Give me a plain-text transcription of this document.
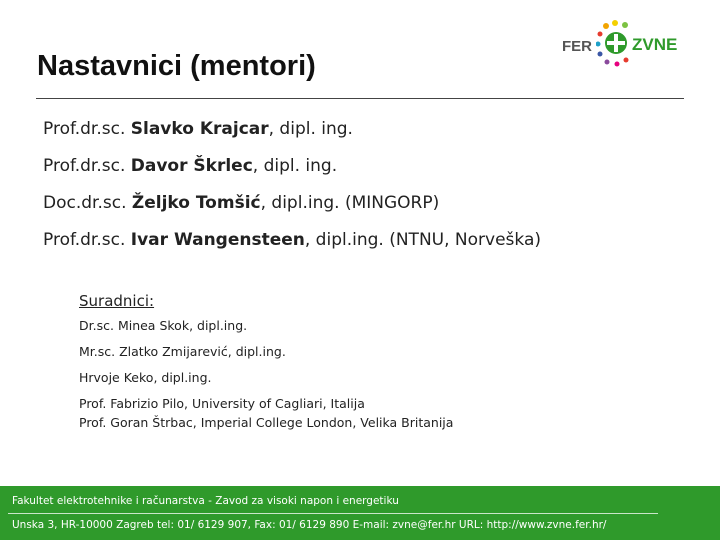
Nastavnici (mentori)
FER ZVNE
Prof.dr.sc. Slavko Krajcar, dipl. ing.
Prof.dr.sc. Davor Škrlec, dipl. ing.
Doc.dr.sc. Željko Tomšić, dipl.ing. (MINGORP)
Prof.dr.sc. Ivar Wangensteen, dipl.ing. (NTNU, Norveška)
Suradnici:
Dr.sc. Minea Skok, dipl.ing.
Mr.sc. Zlatko Zmijarević, dipl.ing.
Hrvoje Keko, dipl.ing.
Prof. Fabrizio Pilo, University of Cagliari, Italija
Prof. Goran Štrbac, Imperial College London, Velika Britanija
Fakultet elektrotehnike i računarstva - Zavod za visoki napon i energetiku
Unska 3, HR-10000 Zagreb tel: 01/ 6129 907, Fax: 01/ 6129 890 E-mail: zvne@fer.hr URL: http://www.zvne.fer.hr/
